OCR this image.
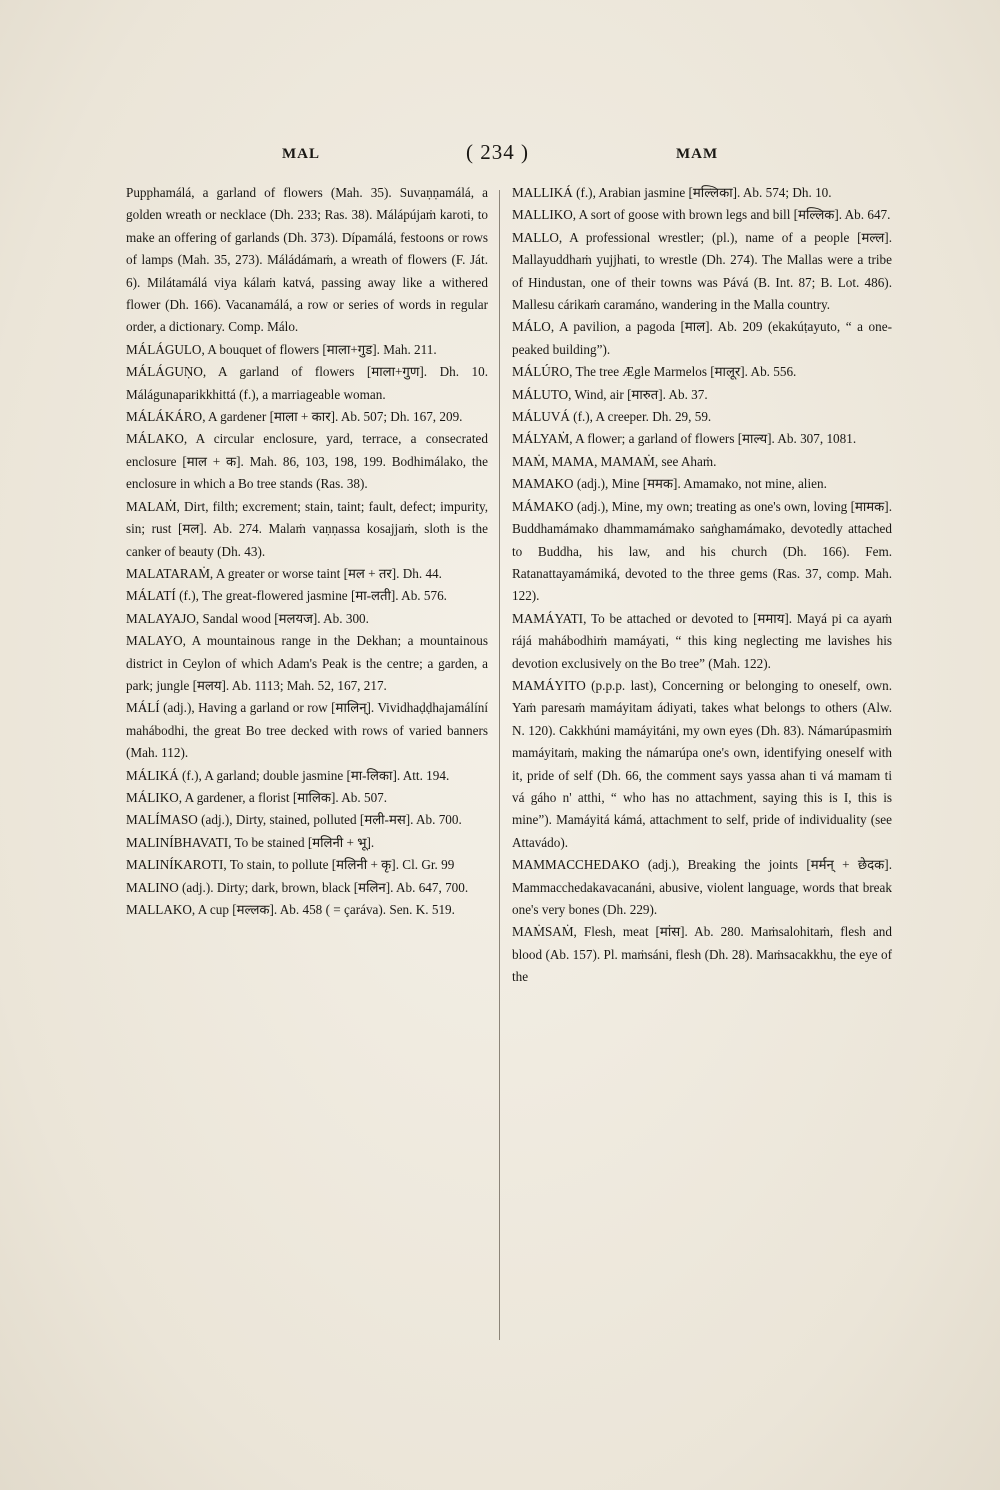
MAL	( 234 )	MAM

Pupphamálá, a garland of flowers (Mah. 35). Suvaṇṇamálá, a golden wreath or necklace (Dh. 233; Ras. 38). Málápújaṁ karoti, to make an offering of garlands (Dh. 373). Dípamálá, festoons or rows of lamps (Mah. 35, 273). Máládámaṁ, a wreath of flowers (F. Ját. 6). Milátamálá viya kálaṁ katvá, passing away like a withered flower (Dh. 166). Vacanamálá, a row or series of words in regular order, a dictionary. Comp. Málo.

MÁLÁGULO, A bouquet of flowers [माला+गुड]. Mah. 211.

MÁLÁGUṆO, A garland of flowers [माला+गुण]. Dh. 10. Málágunaparikkhittá (f.), a marriageable woman.

MÁLÁKÁRO, A gardener [माला + कार]. Ab. 507; Dh. 167, 209.

MÁLAKO, A circular enclosure, yard, terrace, a consecrated enclosure [माल + क]. Mah. 86, 103, 198, 199. Bodhimálako, the enclosure in which a Bo tree stands (Ras. 38).

MALAṀ, Dirt, filth; excrement; stain, taint; fault, defect; impurity, sin; rust [मल]. Ab. 274. Malaṁ vaṇṇassa kosajjaṁ, sloth is the canker of beauty (Dh. 43).

MALATARAṀ, A greater or worse taint [मल + तर]. Dh. 44.

MÁLATÍ (f.), The great-flowered jasmine [मा-लती]. Ab. 576.

MALAYAJO, Sandal wood [मलयज]. Ab. 300.

MALAYO, A mountainous range in the Dekhan; a mountainous district in Ceylon of which Adam's Peak is the centre; a garden, a park; jungle [मलय]. Ab. 1113; Mah. 52, 167, 217.

MÁLÍ (adj.), Having a garland or row [मालिन्]. Vividhaḍḍhajamálíní mahábodhi, the great Bo tree decked with rows of varied banners (Mah. 112).

MÁLIKÁ (f.), A garland; double jasmine [मा-लिका]. Att. 194.

MÁLIKO, A gardener, a florist [मालिक]. Ab. 507.

MALÍMASO (adj.), Dirty, stained, polluted [मली-मस]. Ab. 700.

MALINÍBHAVATI, To be stained [मलिनी + भू].

MALINÍKAROTI, To stain, to pollute [मलिनी + कृ]. Cl. Gr. 99

MALINO (adj.). Dirty; dark, brown, black [मलिन]. Ab. 647, 700.

MALLAKO, A cup [मल्लक]. Ab. 458 ( = çaráva). Sen. K. 519.

MALLIKÁ (f.), Arabian jasmine [मल्लिका]. Ab. 574; Dh. 10.

MALLIKO, A sort of goose with brown legs and bill [मल्लिक]. Ab. 647.

MALLO, A professional wrestler; (pl.), name of a people [मल्ल]. Mallayuddhaṁ yujjhati, to wrestle (Dh. 274). The Mallas were a tribe of Hindustan, one of their towns was Pává (B. Int. 87; B. Lot. 486). Mallesu cárikaṁ caramáno, wandering in the Malla country.

MÁLO, A pavilion, a pagoda [माल]. Ab. 209 (ekakúṭayuto, “ a one-peaked building”).

MÁLÚRO, The tree Ægle Marmelos [मालूर]. Ab. 556.

MÁLUTO, Wind, air [मारुत]. Ab. 37.

MÁLUVÁ (f.), A creeper. Dh. 29, 59.

MÁLYAṀ, A flower; a garland of flowers [माल्य]. Ab. 307, 1081.

MAṀ, MAMA, MAMAṀ, see Ahaṁ.

MAMAKO (adj.), Mine [ममक]. Amamako, not mine, alien.

MÁMAKO (adj.), Mine, my own; treating as one's own, loving [मामक]. Buddhamámako dhammamámako saṅghamámako, devotedly attached to Buddha, his law, and his church (Dh. 166). Fem. Ratanattayamámiká, devoted to the three gems (Ras. 37, comp. Mah. 122).

MAMÁYATI, To be attached or devoted to [ममाय]. Mayá pi ca ayaṁ rájá mahábodhiṁ mamáyati, “ this king neglecting me lavishes his devotion exclusively on the Bo tree” (Mah. 122).

MAMÁYITO (p.p.p. last), Concerning or belonging to oneself, own. Yaṁ paresaṁ mamáyitam ádiyati, takes what belongs to others (Alw. N. 120). Cakkhúni mamáyitáni, my own eyes (Dh. 83). Námarúpasmiṁ mamáyitaṁ, making the námarúpa one's own, identifying oneself with it, pride of self (Dh. 66, the comment says yassa ahan ti vá mamam ti vá gáho n' atthi, “ who has no attachment, saying this is I, this is mine”). Mamáyitá kámá, attachment to self, pride of individuality (see Attavádo).

MAMMACCHEDAKO (adj.), Breaking the joints [मर्मन् + छेदक]. Mammacchedakavacanáni, abusive, violent language, words that break one's very bones (Dh. 229).

MAṀSAṀ, Flesh, meat [मांस]. Ab. 280. Maṁsalohitaṁ, flesh and blood (Ab. 157). Pl. maṁsáni, flesh (Dh. 28). Maṁsacakkhu, the eye of the
